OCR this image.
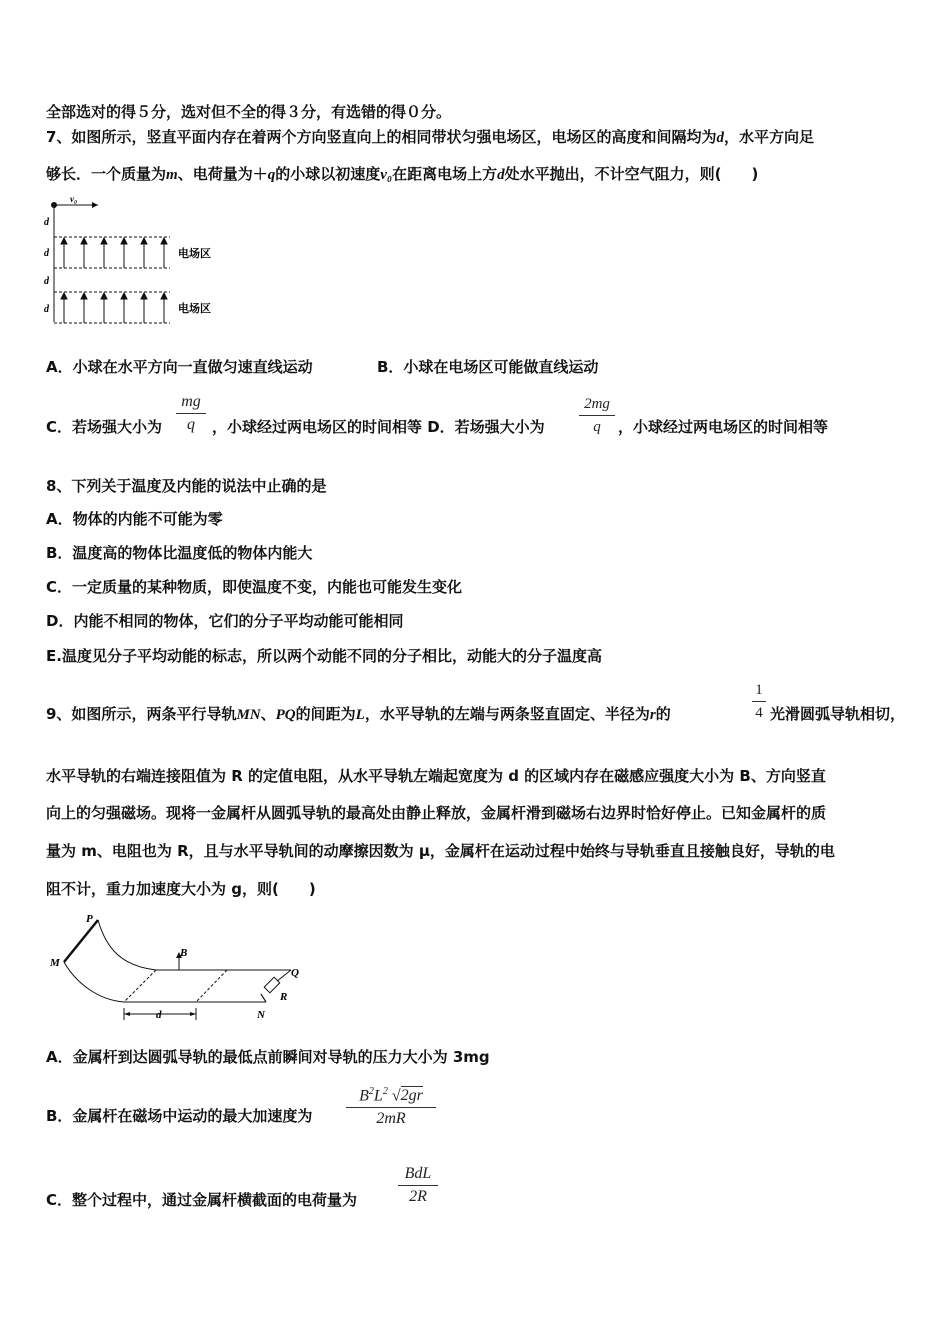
全部选对的得５分，选对但不全的得３分，有选错的得０分。
7、如图所示，竖直平面内存在着两个方向竖直向上的相同带状匀强电场区，电场区的高度和间隔均为d，水平方向足
够长．一个质量为m、电荷量为＋q的小球以初速度v₀在距离电场上方d处水平抛出，不计空气阻力，则(　　)
v₀
d
d
d
d
电场区
电场区
A．小球在水平方向一直做匀速直线运动	B．小球在电场区可能做直线运动
C．若场强大小为
mg
q	，小球经过两电场区的时间相等 D．若场强大小为
2mg
q	，小球经过两电场区的时间相等
8、下列关于温度及内能的说法中止确的是
A．物体的内能不可能为零
B．温度高的物体比温度低的物体内能大
C．一定质量的某种物质，即使温度不变，内能也可能发生变化
D．内能不相同的物体，它们的分子平均动能可能相同
E.温度见分子平均动能的标志，所以两个动能不同的分子相比，动能大的分子温度高
9、如图所示，两条平行导轨MN、PQ的间距为L，水平导轨的左端与两条竖直固定、半径为r的
1
4 光滑圆弧导轨相切，
水平导轨的右端连接阻值为 R 的定值电阻，从水平导轨左端起宽度为 d 的区域内存在磁感应强度大小为 B、方向竖直
向上的匀强磁场。现将一金属杆从圆弧导轨的最高处由静止释放，金属杆滑到磁场右边界时恰好停止。已知金属杆的质
量为 m、电阻也为 R，且与水平导轨间的动摩擦因数为 μ，金属杆在运动过程中始终与导轨垂直且接触良好，导轨的电
阻不计，重力加速度大小为 g，则(　　)
P
M
B
Q
R
N
d
A．金属杆到达圆弧导轨的最低点前瞬间对导轨的压力大小为 3mg
B．金属杆在磁场中运动的最大加速度为
$B^2L^2$ √2gr
2mR
C．整个过程中，通过金属杆横截面的电荷量为
BdL
2R
